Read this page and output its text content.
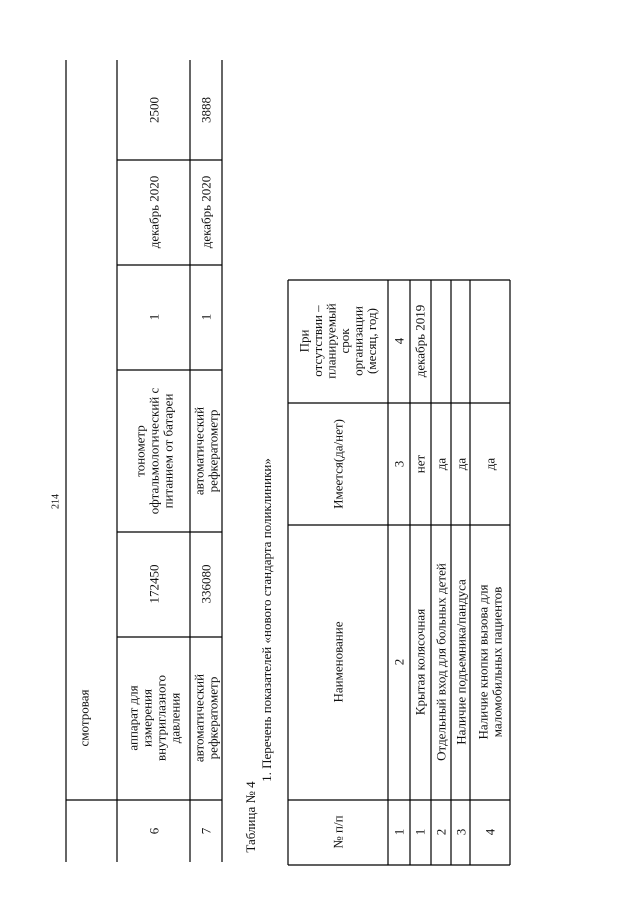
214
смотровая
6
аппарат дляизмерениявнутриглазногодавления
172450
тонометрофтальмологический спитанием от батареи
1
декабрь 2020
2500
7
автоматическийрефкератометр
336080
автоматическийрефкератометр
1
декабрь 2020
3888
Таблица № 4
1. Перечень показателей «нового стандарта поликлиники»
№ п/п
Наименование
Имеется(да/нет)
Приотсутствии –планируемыйсрокорганизации(месяц, год)
1
2
3
4
1
Крытая колясочная
нет
декабрь 2019
2
Отдельный вход для больных детей
да
3
Наличие подъемника/пандуса
да
4
Наличие кнопки вызова длямаломобильных пациентов
да
